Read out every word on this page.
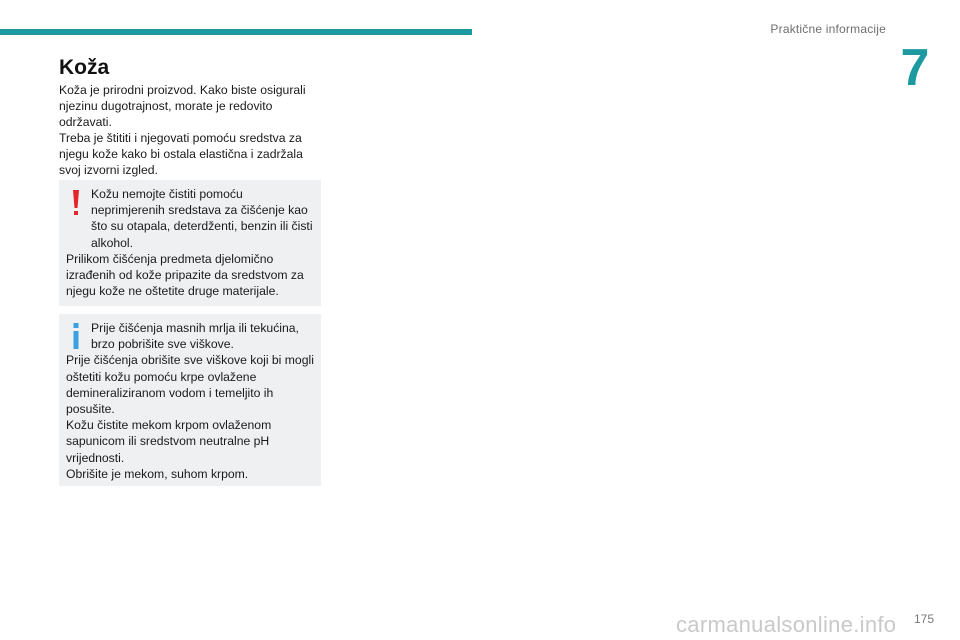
Praktične informacije
7
Koža
Koža je prirodni proizvod. Kako biste osigurali njezinu dugotrajnost, morate je redovito održavati.
Treba je štititi i njegovati pomoću sredstva za njegu kože kako bi ostala elastična i zadržala svoj izvorni izgled.

Kožu nemojte čistiti pomoću neprimjerenih sredstava za čišćenje kao što su otapala, deterdženti, benzin ili čisti alkohol.

Prilikom čišćenja predmeta djelomično izrađenih od kože pripazite da sredstvom za njegu kože ne oštetite druge materijale.

Prije čišćenja masnih mrlja ili tekućina, brzo pobrišite sve viškove.

Prije čišćenja obrišite sve viškove koji bi mogli oštetiti kožu pomoću krpe ovlažene demineraliziranom vodom i temeljito ih posušite.

Kožu čistite mekom krpom ovlaženom sapunicom ili sredstvom neutralne pH vrijednosti.

Obrišite je mekom, suhom krpom.

carmanualsonline.info	175
